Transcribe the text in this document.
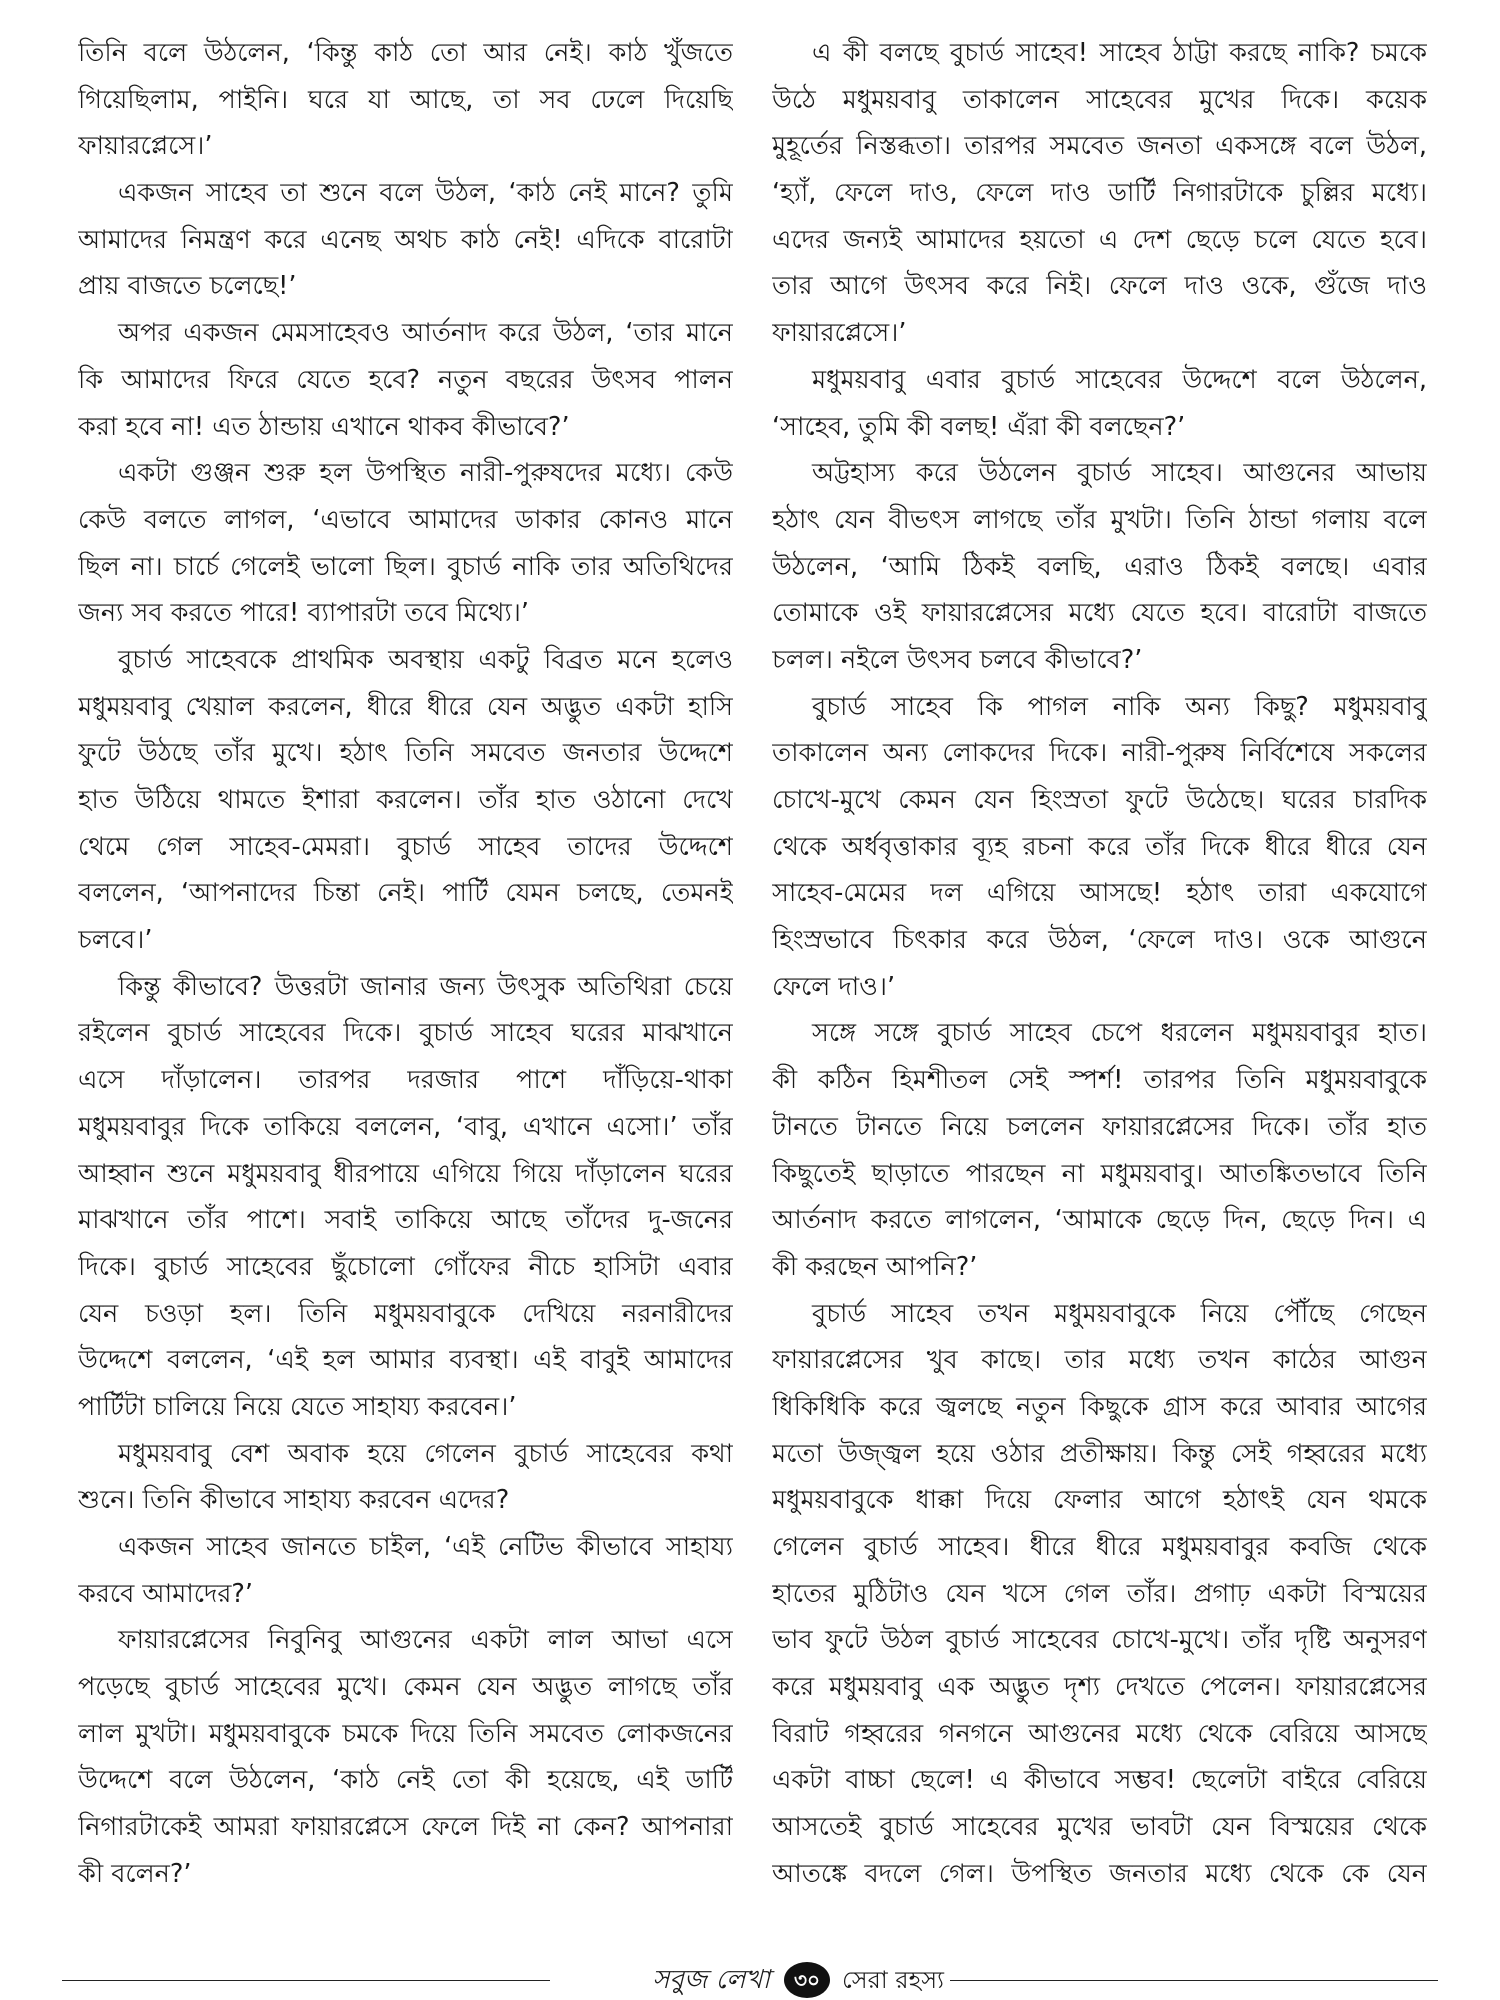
তিনি বলে উঠলেন, ‘কিন্তু কাঠ তো আর নেই। কাঠ খুঁজতে
গিয়েছিলাম, পাইনি। ঘরে যা আছে, তা সব ঢেলে দিয়েছি
ফায়ারপ্লেসে।’
একজন সাহেব তা শুনে বলে উঠল, ‘কাঠ নেই মানে? তুমি
আমাদের নিমন্ত্রণ করে এনেছ অথচ কাঠ নেই! এদিকে বারোটা
প্রায় বাজতে চলেছে!’
অপর একজন মেমসাহেবও আর্তনাদ করে উঠল, ‘তার মানে
কি আমাদের ফিরে যেতে হবে? নতুন বছরের উৎসব পালন
করা হবে না! এত ঠান্ডায় এখানে থাকব কীভাবে?’
একটা গুঞ্জন শুরু হল উপস্থিত নারী-পুরুষদের মধ্যে। কেউ
কেউ বলতে লাগল, ‘এভাবে আমাদের ডাকার কোনও মানে
ছিল না। চার্চে গেলেই ভালো ছিল। বুচার্ড নাকি তার অতিথিদের
জন্য সব করতে পারে! ব্যাপারটা তবে মিথ্যে।’
বুচার্ড সাহেবকে প্রাথমিক অবস্থায় একটু বিব্রত মনে হলেও
মধুময়বাবু খেয়াল করলেন, ধীরে ধীরে যেন অদ্ভুত একটা হাসি
ফুটে উঠছে তাঁর মুখে। হঠাৎ তিনি সমবেত জনতার উদ্দেশে
হাত উঠিয়ে থামতে ইশারা করলেন। তাঁর হাত ওঠানো দেখে
থেমে গেল সাহেব-মেমরা। বুচার্ড সাহেব তাদের উদ্দেশে
বললেন, ‘আপনাদের চিন্তা নেই। পার্টি যেমন চলছে, তেমনই
চলবে।’
কিন্তু কীভাবে? উত্তরটা জানার জন্য উৎসুক অতিথিরা চেয়ে
রইলেন বুচার্ড সাহেবের দিকে। বুচার্ড সাহেব ঘরের মাঝখানে
এসে দাঁড়ালেন। তারপর দরজার পাশে দাঁড়িয়ে-থাকা
মধুময়বাবুর দিকে তাকিয়ে বললেন, ‘বাবু, এখানে এসো।’ তাঁর
আহ্বান শুনে মধুময়বাবু ধীরপায়ে এগিয়ে গিয়ে দাঁড়ালেন ঘরের
মাঝখানে তাঁর পাশে। সবাই তাকিয়ে আছে তাঁদের দু-জনের
দিকে। বুচার্ড সাহেবের ছুঁচোলো গোঁফের নীচে হাসিটা এবার
যেন চওড়া হল। তিনি মধুময়বাবুকে দেখিয়ে নরনারীদের
উদ্দেশে বললেন, ‘এই হল আমার ব্যবস্থা। এই বাবুই আমাদের
পার্টিটা চালিয়ে নিয়ে যেতে সাহায্য করবেন।’
মধুময়বাবু বেশ অবাক হয়ে গেলেন বুচার্ড সাহেবের কথা
শুনে। তিনি কীভাবে সাহায্য করবেন এদের?
একজন সাহেব জানতে চাইল, ‘এই নেটিভ কীভাবে সাহায্য
করবে আমাদের?’
ফায়ারপ্লেসের নিবুনিবু আগুনের একটা লাল আভা এসে
পড়েছে বুচার্ড সাহেবের মুখে। কেমন যেন অদ্ভুত লাগছে তাঁর
লাল মুখটা। মধুময়বাবুকে চমকে দিয়ে তিনি সমবেত লোকজনের
উদ্দেশে বলে উঠলেন, ‘কাঠ নেই তো কী হয়েছে, এই ডার্টি
নিগারটাকেই আমরা ফায়ারপ্লেসে ফেলে দিই না কেন? আপনারা
কী বলেন?’
এ কী বলছে বুচার্ড সাহেব! সাহেব ঠাট্টা করছে নাকি? চমকে
উঠে মধুময়বাবু তাকালেন সাহেবের মুখের দিকে। কয়েক
মুহূর্তের নিস্তব্ধতা। তারপর সমবেত জনতা একসঙ্গে বলে উঠল,
‘হ্যাঁ, ফেলে দাও, ফেলে দাও ডার্টি নিগারটাকে চুল্লির মধ্যে।
এদের জন্যই আমাদের হয়তো এ দেশ ছেড়ে চলে যেতে হবে।
তার আগে উৎসব করে নিই। ফেলে দাও ওকে, গুঁজে দাও
ফায়ারপ্লেসে।’
মধুময়বাবু এবার বুচার্ড সাহেবের উদ্দেশে বলে উঠলেন,
‘সাহেব, তুমি কী বলছ! এঁরা কী বলছেন?’
অট্টহাস্য করে উঠলেন বুচার্ড সাহেব। আগুনের আভায়
হঠাৎ যেন বীভৎস লাগছে তাঁর মুখটা। তিনি ঠান্ডা গলায় বলে
উঠলেন, ‘আমি ঠিকই বলছি, এরাও ঠিকই বলছে। এবার
তোমাকে ওই ফায়ারপ্লেসের মধ্যে যেতে হবে। বারোটা বাজতে
চলল। নইলে উৎসব চলবে কীভাবে?’
বুচার্ড সাহেব কি পাগল নাকি অন্য কিছু? মধুময়বাবু
তাকালেন অন্য লোকদের দিকে। নারী-পুরুষ নির্বিশেষে সকলের
চোখে-মুখে কেমন যেন হিংস্রতা ফুটে উঠেছে। ঘরের চারদিক
থেকে অর্ধবৃত্তাকার ব্যূহ রচনা করে তাঁর দিকে ধীরে ধীরে যেন
সাহেব-মেমের দল এগিয়ে আসছে! হঠাৎ তারা একযোগে
হিংস্রভাবে চিৎকার করে উঠল, ‘ফেলে দাও। ওকে আগুনে
ফেলে দাও।’
সঙ্গে সঙ্গে বুচার্ড সাহেব চেপে ধরলেন মধুময়বাবুর হাত।
কী কঠিন হিমশীতল সেই স্পর্শ! তারপর তিনি মধুময়বাবুকে
টানতে টানতে নিয়ে চললেন ফায়ারপ্লেসের দিকে। তাঁর হাত
কিছুতেই ছাড়াতে পারছেন না মধুময়বাবু। আতঙ্কিতভাবে তিনি
আর্তনাদ করতে লাগলেন, ‘আমাকে ছেড়ে দিন, ছেড়ে দিন। এ
কী করছেন আপনি?’
বুচার্ড সাহেব তখন মধুময়বাবুকে নিয়ে পৌঁছে গেছেন
ফায়ারপ্লেসের খুব কাছে। তার মধ্যে তখন কাঠের আগুন
ধিকিধিকি করে জ্বলছে নতুন কিছুকে গ্রাস করে আবার আগের
মতো উজ্জ্বল হয়ে ওঠার প্রতীক্ষায়। কিন্তু সেই গহ্বরের মধ্যে
মধুময়বাবুকে ধাক্কা দিয়ে ফেলার আগে হঠাৎই যেন থমকে
গেলেন বুচার্ড সাহেব। ধীরে ধীরে মধুময়বাবুর কবজি থেকে
হাতের মুঠিটাও যেন খসে গেল তাঁর। প্রগাঢ় একটা বিস্ময়ের
ভাব ফুটে উঠল বুচার্ড সাহেবের চোখে-মুখে। তাঁর দৃষ্টি অনুসরণ
করে মধুময়বাবু এক অদ্ভুত দৃশ্য দেখতে পেলেন। ফায়ারপ্লেসের
বিরাট গহ্বরের গনগনে আগুনের মধ্যে থেকে বেরিয়ে আসছে
একটা বাচ্চা ছেলে! এ কীভাবে সম্ভব! ছেলেটা বাইরে বেরিয়ে
আসতেই বুচার্ড সাহেবের মুখের ভাবটা যেন বিস্ময়ের থেকে
আতঙ্কে বদলে গেল। উপস্থিত জনতার মধ্যে থেকে কে যেন
সবুজ লেখা	৩০ সেরা রহস্য
